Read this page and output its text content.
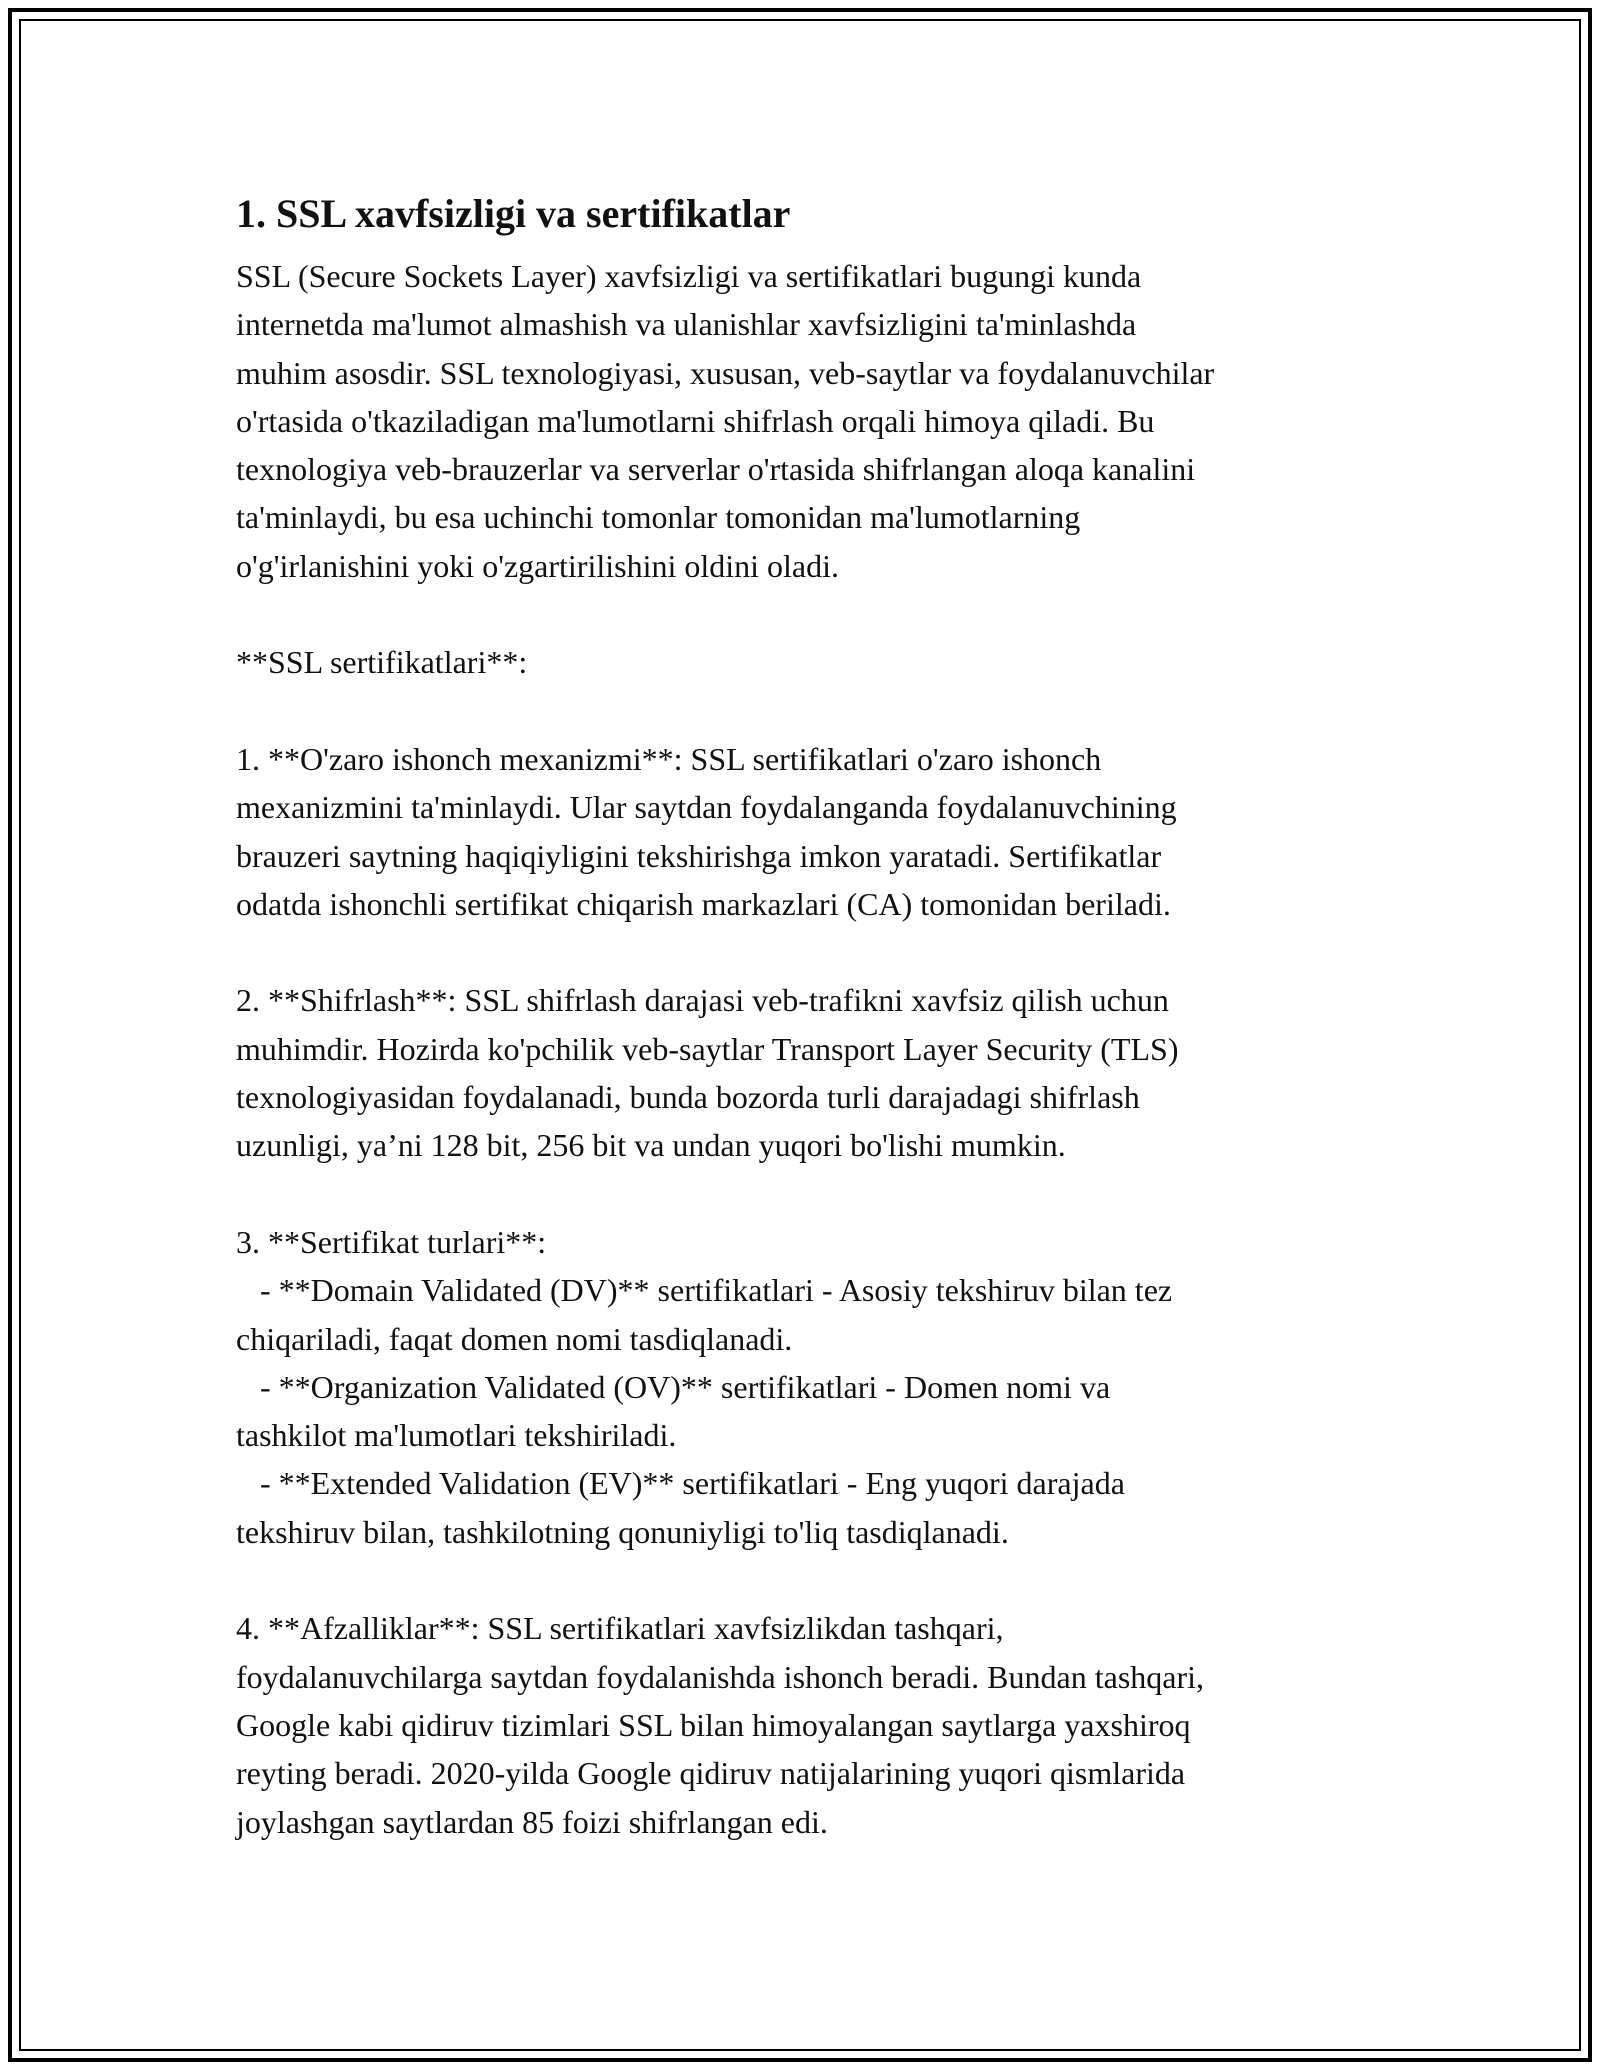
1. SSL xavfsizligi va sertifikatlar
SSL (Secure Sockets Layer) xavfsizligi va sertifikatlari bugungi kunda
internetda ma'lumot almashish va ulanishlar xavfsizligini ta'minlashda
muhim asosdir. SSL texnologiyasi, xususan, veb-saytlar va foydalanuvchilar
o'rtasida o'tkaziladigan ma'lumotlarni shifrlash orqali himoya qiladi. Bu
texnologiya veb-brauzerlar va serverlar o'rtasida shifrlangan aloqa kanalini
ta'minlaydi, bu esa uchinchi tomonlar tomonidan ma'lumotlarning
o'g'irlanishini yoki o'zgartirilishini oldini oladi.

**SSL sertifikatlari**:

1. **O'zaro ishonch mexanizmi**: SSL sertifikatlari o'zaro ishonch
mexanizmini ta'minlaydi. Ular saytdan foydalanganda foydalanuvchining
brauzeri saytning haqiqiyligini tekshirishga imkon yaratadi. Sertifikatlar
odatda ishonchli sertifikat chiqarish markazlari (CA) tomonidan beriladi.

2. **Shifrlash**: SSL shifrlash darajasi veb-trafikni xavfsiz qilish uchun
muhimdir. Hozirda ko'pchilik veb-saytlar Transport Layer Security (TLS)
texnologiyasidan foydalanadi, bunda bozorda turli darajadagi shifrlash
uzunligi, ya’ni 128 bit, 256 bit va undan yuqori bo'lishi mumkin.

3. **Sertifikat turlari**:
- **Domain Validated (DV)** sertifikatlari - Asosiy tekshiruv bilan tez
chiqariladi, faqat domen nomi tasdiqlanadi.
- **Organization Validated (OV)** sertifikatlari - Domen nomi va
tashkilot ma'lumotlari tekshiriladi.
- **Extended Validation (EV)** sertifikatlari - Eng yuqori darajada
tekshiruv bilan, tashkilotning qonuniyligi to'liq tasdiqlanadi.

4. **Afzalliklar**: SSL sertifikatlari xavfsizlikdan tashqari,
foydalanuvchilarga saytdan foydalanishda ishonch beradi. Bundan tashqari,
Google kabi qidiruv tizimlari SSL bilan himoyalangan saytlarga yaxshiroq
reyting beradi. 2020-yilda Google qidiruv natijalarining yuqori qismlarida
joylashgan saytlardan 85 foizi shifrlangan edi.
